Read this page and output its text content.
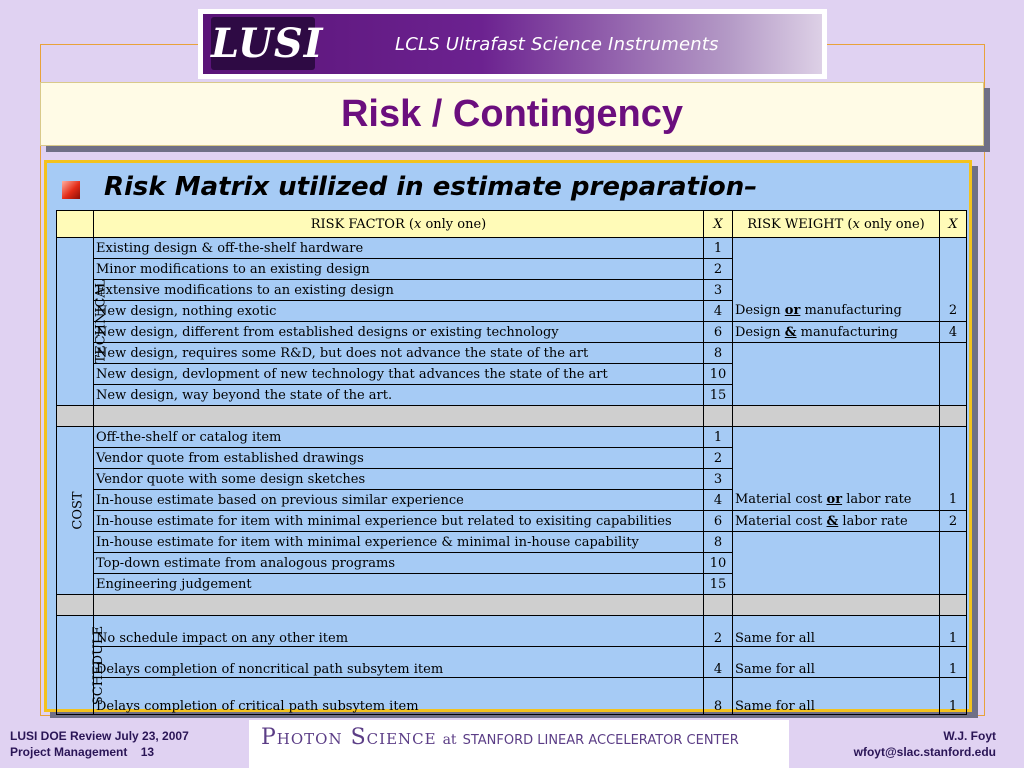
LUSI	LCLS Ultrafast Science Instruments
Risk / Contingency
Risk Matrix utilized in estimate preparation–
	RISK FACTOR (x only one)	X	RISK WEIGHT (x only one)	X
TECHNICAL	Existing design & off-the-shelf hardware	1		
	Minor modifications to an existing design	2		
	Extensive modifications to an existing design	3		
	New design, nothing exotic	4	Design or manufacturing	2
	New design, different from established designs or existing technology	6	Design & manufacturing	4
	New design, requires some R&D, but does not advance the state of the art	8		
	New design, devlopment of new technology that advances the state of the art	10		
	New design, way beyond the state of the art.	15		

COST	Off-the-shelf or catalog item	1		
	Vendor quote from established drawings	2		
	Vendor quote with some design sketches	3		
	In-house estimate based on previous similar experience	4	Material cost or labor rate	1
	In-house estimate for item with minimal experience but related to exisiting capabilities	6	Material cost & labor rate	2
	In-house estimate for item with minimal experience & minimal in-house capability	8		
	Top-down estimate from analogous programs	10		
	Engineering judgement	15		

SCHEDULE	No schedule impact on any other item	2	Same for all	1
	Delays completion of noncritical path subsytem item	4	Same for all	1
	Delays completion of critical path subsytem item	8	Same for all	1
LUSI DOE Review July 23, 2007
Project Management 13
Photon Science at STANFORD LINEAR ACCELERATOR CENTER	W.J. Foyt
wfoyt@slac.stanford.edu
